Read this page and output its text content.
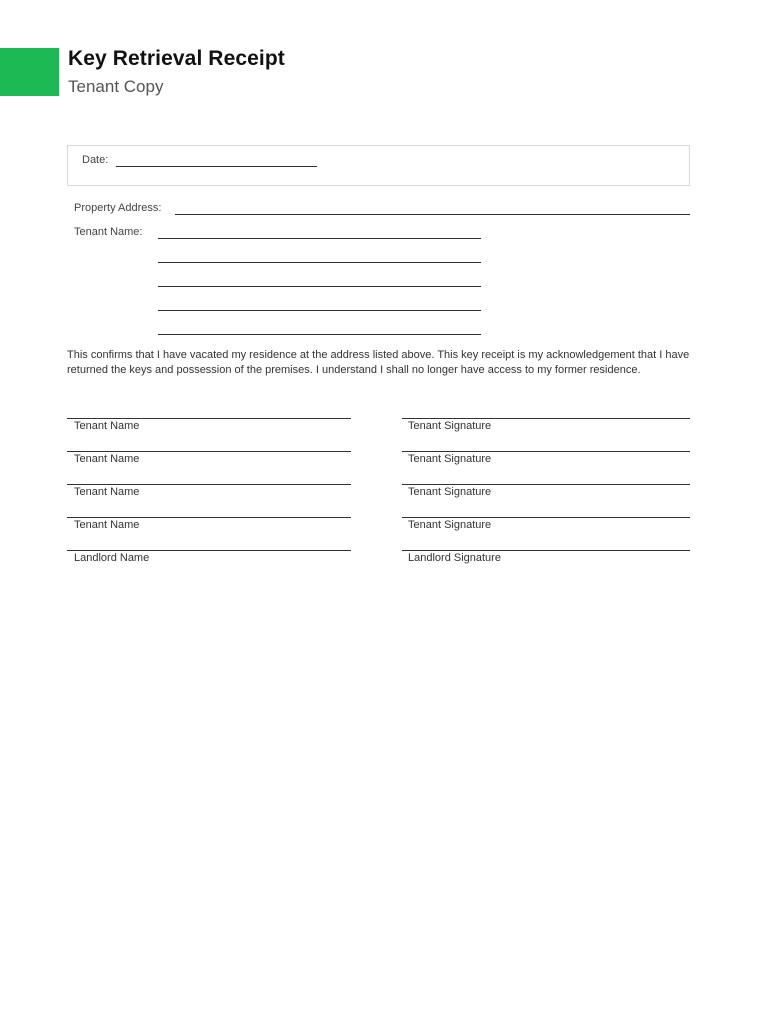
Key Retrieval Receipt
Tenant Copy
Date:
Property Address:
Tenant Name:
This confirms that I have vacated my residence at the address listed above. This key receipt is my acknowledgement that I have returned the keys and possession of the premises. I understand I shall no longer have access to my former residence.
Tenant Name	Tenant Signature
Tenant Name	Tenant Signature
Tenant Name	Tenant Signature
Tenant Name	Tenant Signature
Landlord Name	Landlord Signature
